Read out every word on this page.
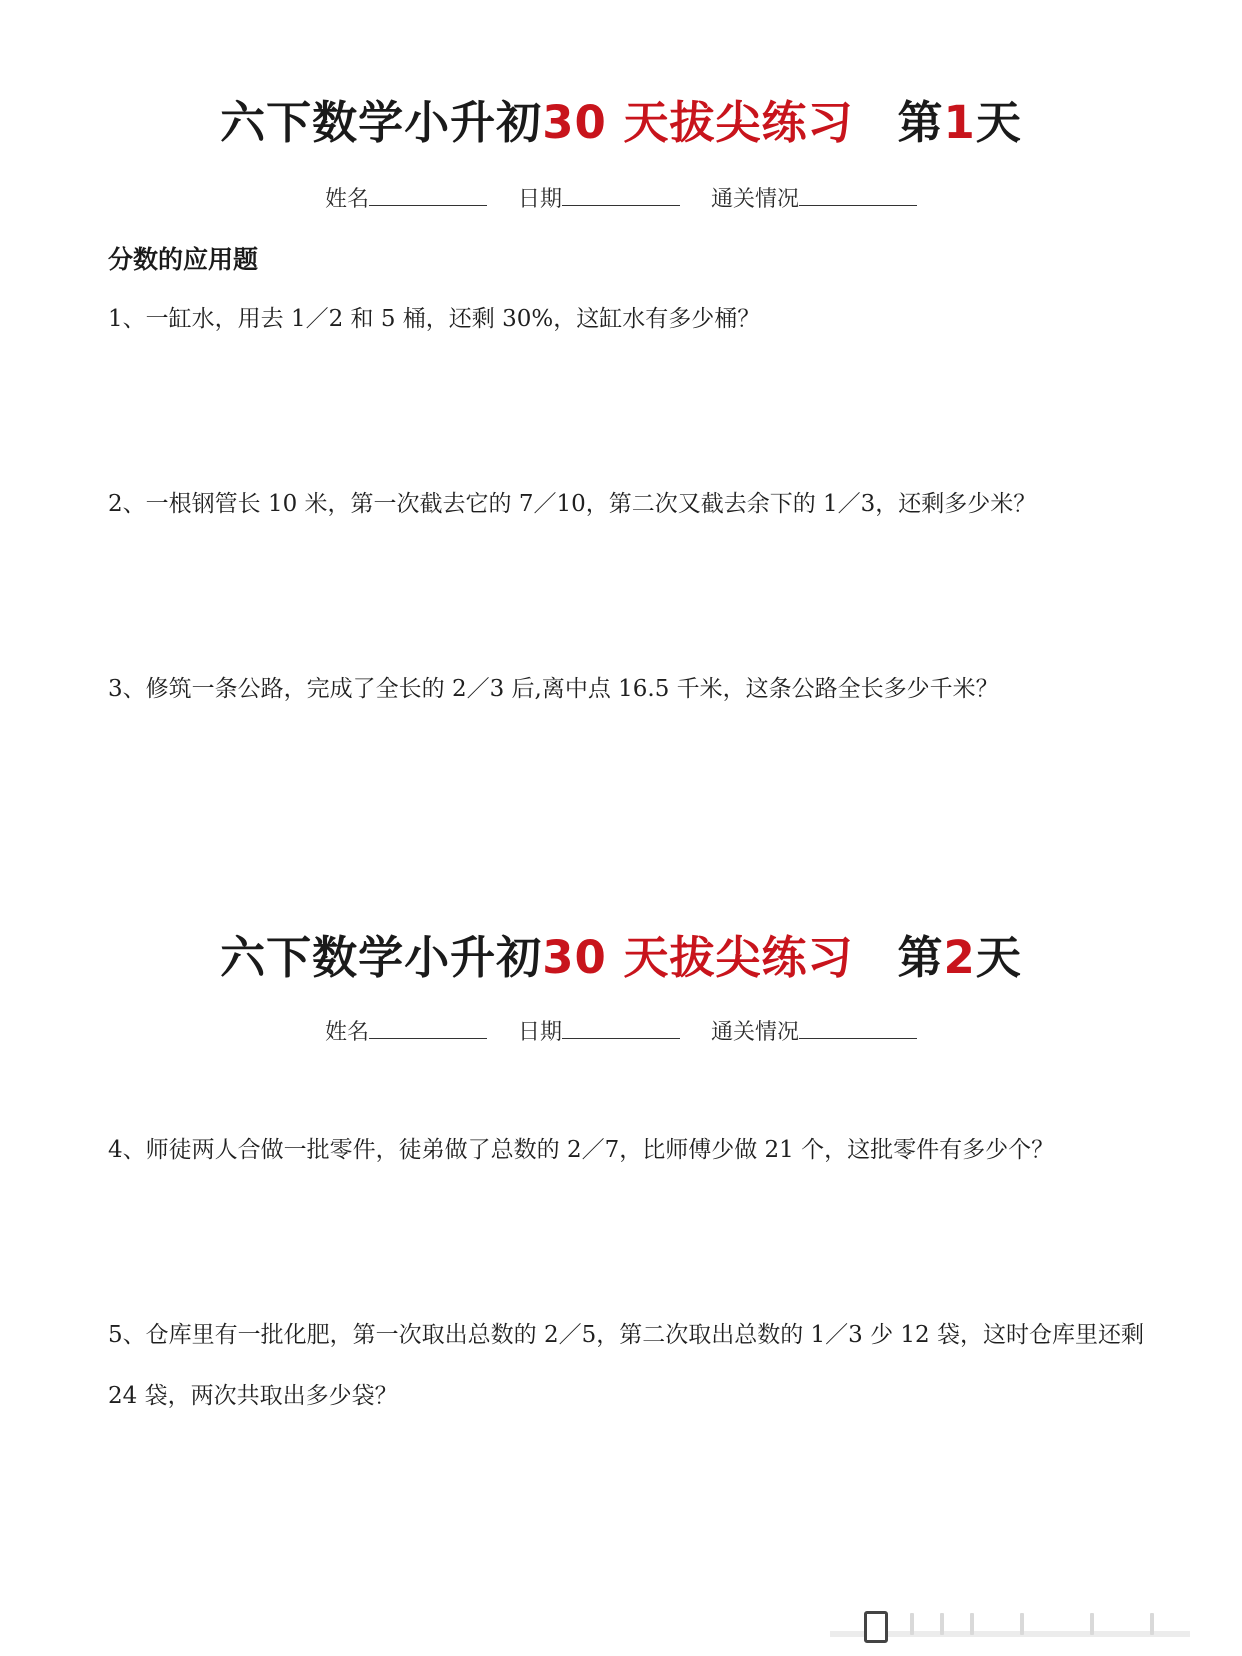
六下数学小升初30 天拔尖练习 第1天
姓名	日期	通关情况
分数的应用题
1、一缸水，用去 1／2 和 5 桶，还剩 30%，这缸水有多少桶？
2、一根钢管长 10 米，第一次截去它的 7／10，第二次又截去余下的 1／3，还剩多少米？
3、修筑一条公路，完成了全长的 2／3 后,离中点 16.5 千米，这条公路全长多少千米？
六下数学小升初30 天拔尖练习 第2天
姓名	日期	通关情况
4、师徒两人合做一批零件，徒弟做了总数的 2／7，比师傅少做 21 个，这批零件有多少个？
5、仓库里有一批化肥，第一次取出总数的 2／5，第二次取出总数的 1／3 少 12 袋，这时仓库里还剩 24 袋，两次共取出多少袋？
